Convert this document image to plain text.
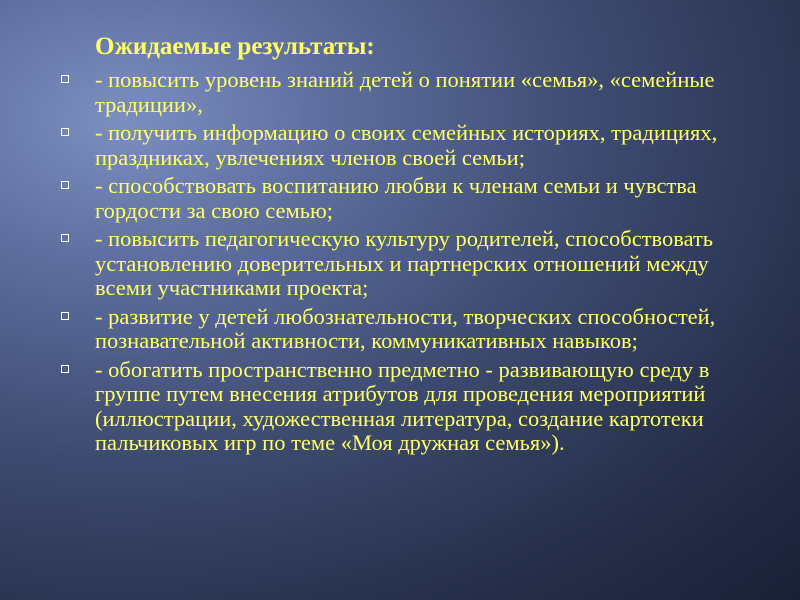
Ожидаемые результаты:
- повысить уровень знаний детей о понятии «семья», «семейные традиции»,
- получить информацию о своих семейных историях, традициях, праздниках, увлечениях членов своей семьи;
- способствовать воспитанию любви к членам семьи и чувства гордости за свою семью;
- повысить педагогическую культуру родителей, способствовать установлению доверительных и партнерских отношений между всеми участниками проекта;
- развитие у детей любознательности, творческих способностей, познавательной активности, коммуникативных навыков;
- обогатить пространственно предметно - развивающую среду в группе путем внесения атрибутов для проведения мероприятий (иллюстрации, художественная литература, создание картотеки пальчиковых игр по теме «Моя дружная семья»).
